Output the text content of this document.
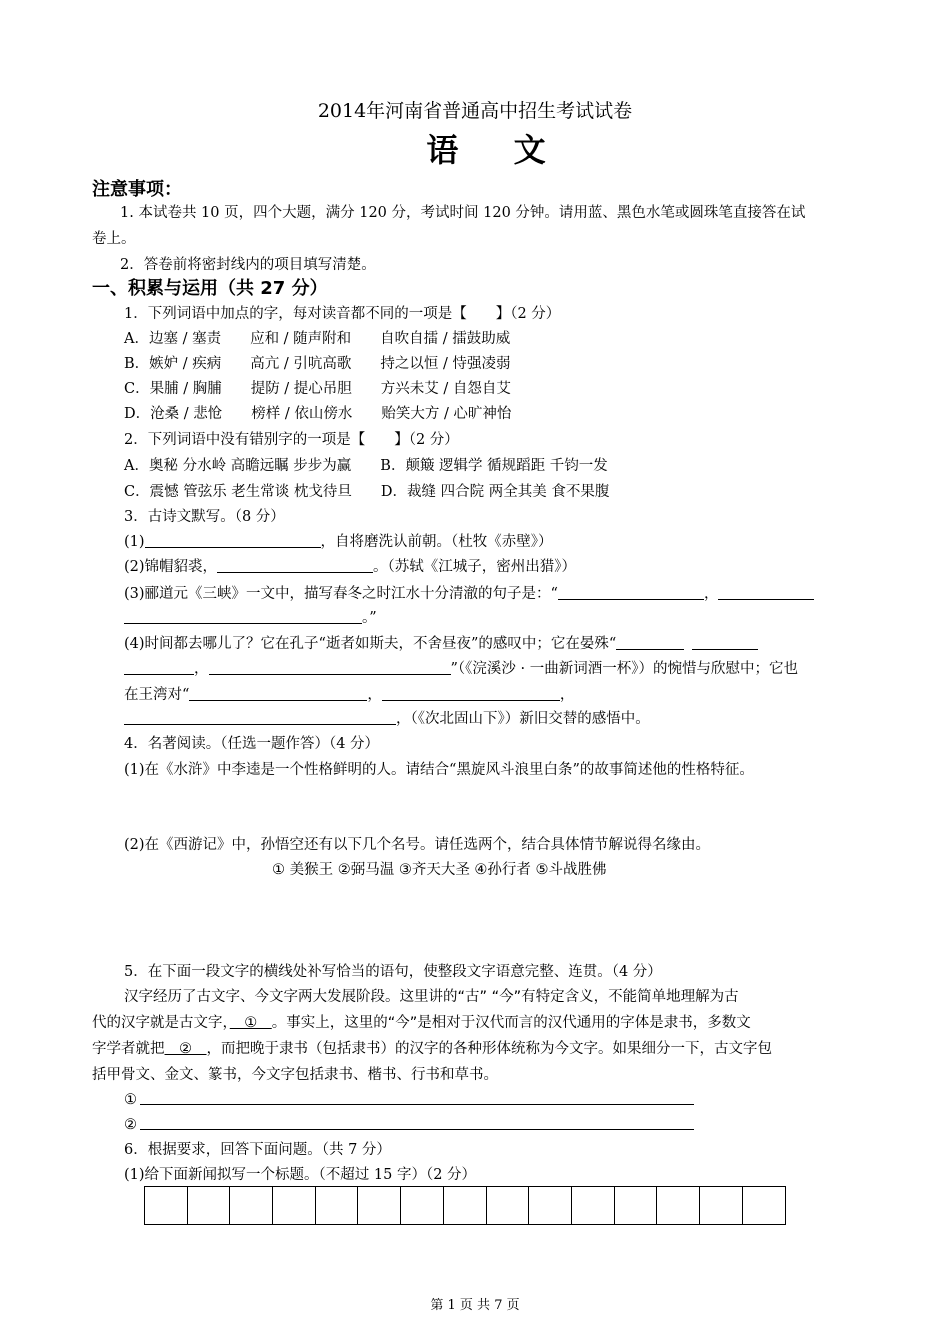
2014年河南省普通高中招生考试试卷
语 文
注意事项：
1. 本试卷共 10 页，四个大题，满分 120 分，考试时间 120 分钟。请用蓝、黑色水笔或圆珠笔直接答在试
卷上。
2．答卷前将密封线内的项目填写清楚。
一、积累与运用（共 27 分）
1．下列词语中加点的字，每对读音都不同的一项是【　　】（2 分）
A．边塞 / 塞责　　应和 / 随声附和　　自吹自擂 / 擂鼓助威
B．嫉妒 / 疾病　　高亢 / 引吭高歌　　持之以恒 / 恃强凌弱
C．果脯 / 胸脯　　提防 / 提心吊胆　　方兴未艾 / 自怨自艾
D．沧桑 / 悲怆　　榜样 / 依山傍水　　贻笑大方 / 心旷神怡
2．下列词语中没有错别字的一项是【　　】（2 分）
A．奥秘 分水岭 高瞻远瞩 步步为赢　　B．颠簸 逻辑学 循规蹈距 千钧一发
C．震憾 管弦乐 老生常谈 枕戈待旦　　D．裁缝 四合院 两全其美 食不果腹
3．古诗文默写。（8 分）
(1)	，自将磨洗认前朝。（杜牧《赤壁》）
(2)锦帽貂裘，	。（苏轼《江城子，密州出猎》）
(3)郦道元《三峡》一文中，描写春冬之时江水十分清澈的句子是：“	，
。”
(4)时间都去哪儿了？它在孔子“逝者如斯夫，不舍昼夜”的感叹中；它在晏殊“
，	”（《浣溪沙 · 一曲新词酒一杯》）的惋惜与欣慰中；它也
在王湾对“	，	，
，（《次北固山下》）新旧交替的感悟中。
4．名著阅读。（任选一题作答）（4 分）
(1)在《水浒》中李逵是一个性格鲜明的人。请结合“黑旋风斗浪里白条”的故事简述他的性格特征。
(2)在《西游记》中，孙悟空还有以下几个名号。请任选两个，结合具体情节解说得名缘由。
① 美猴王 ②弼马温 ③齐天大圣 ④孙行者 ⑤斗战胜佛
5．在下面一段文字的横线处补写恰当的语句，使整段文字语意完整、连贯。（4 分）
汉字经历了古文字、今文字两大发展阶段。这里讲的“古” “今”有特定含义，不能简单地理解为古
代的汉字就是古文字，　①　。事实上，这里的“今”是相对于汉代而言的汉代通用的字体是隶书，多数文
字学者就把　②　，而把晚于隶书（包括隶书）的汉字的各种形体统称为今文字。如果细分一下，古文字包
括甲骨文、金文、篆书，今文字包括隶书、楷书、行书和草书。
①
②
6．根据要求，回答下面问题。（共 7 分）
(1)给下面新闻拟写一个标题。（不超过 15 字）（2 分）
第 1 页 共 7 页
